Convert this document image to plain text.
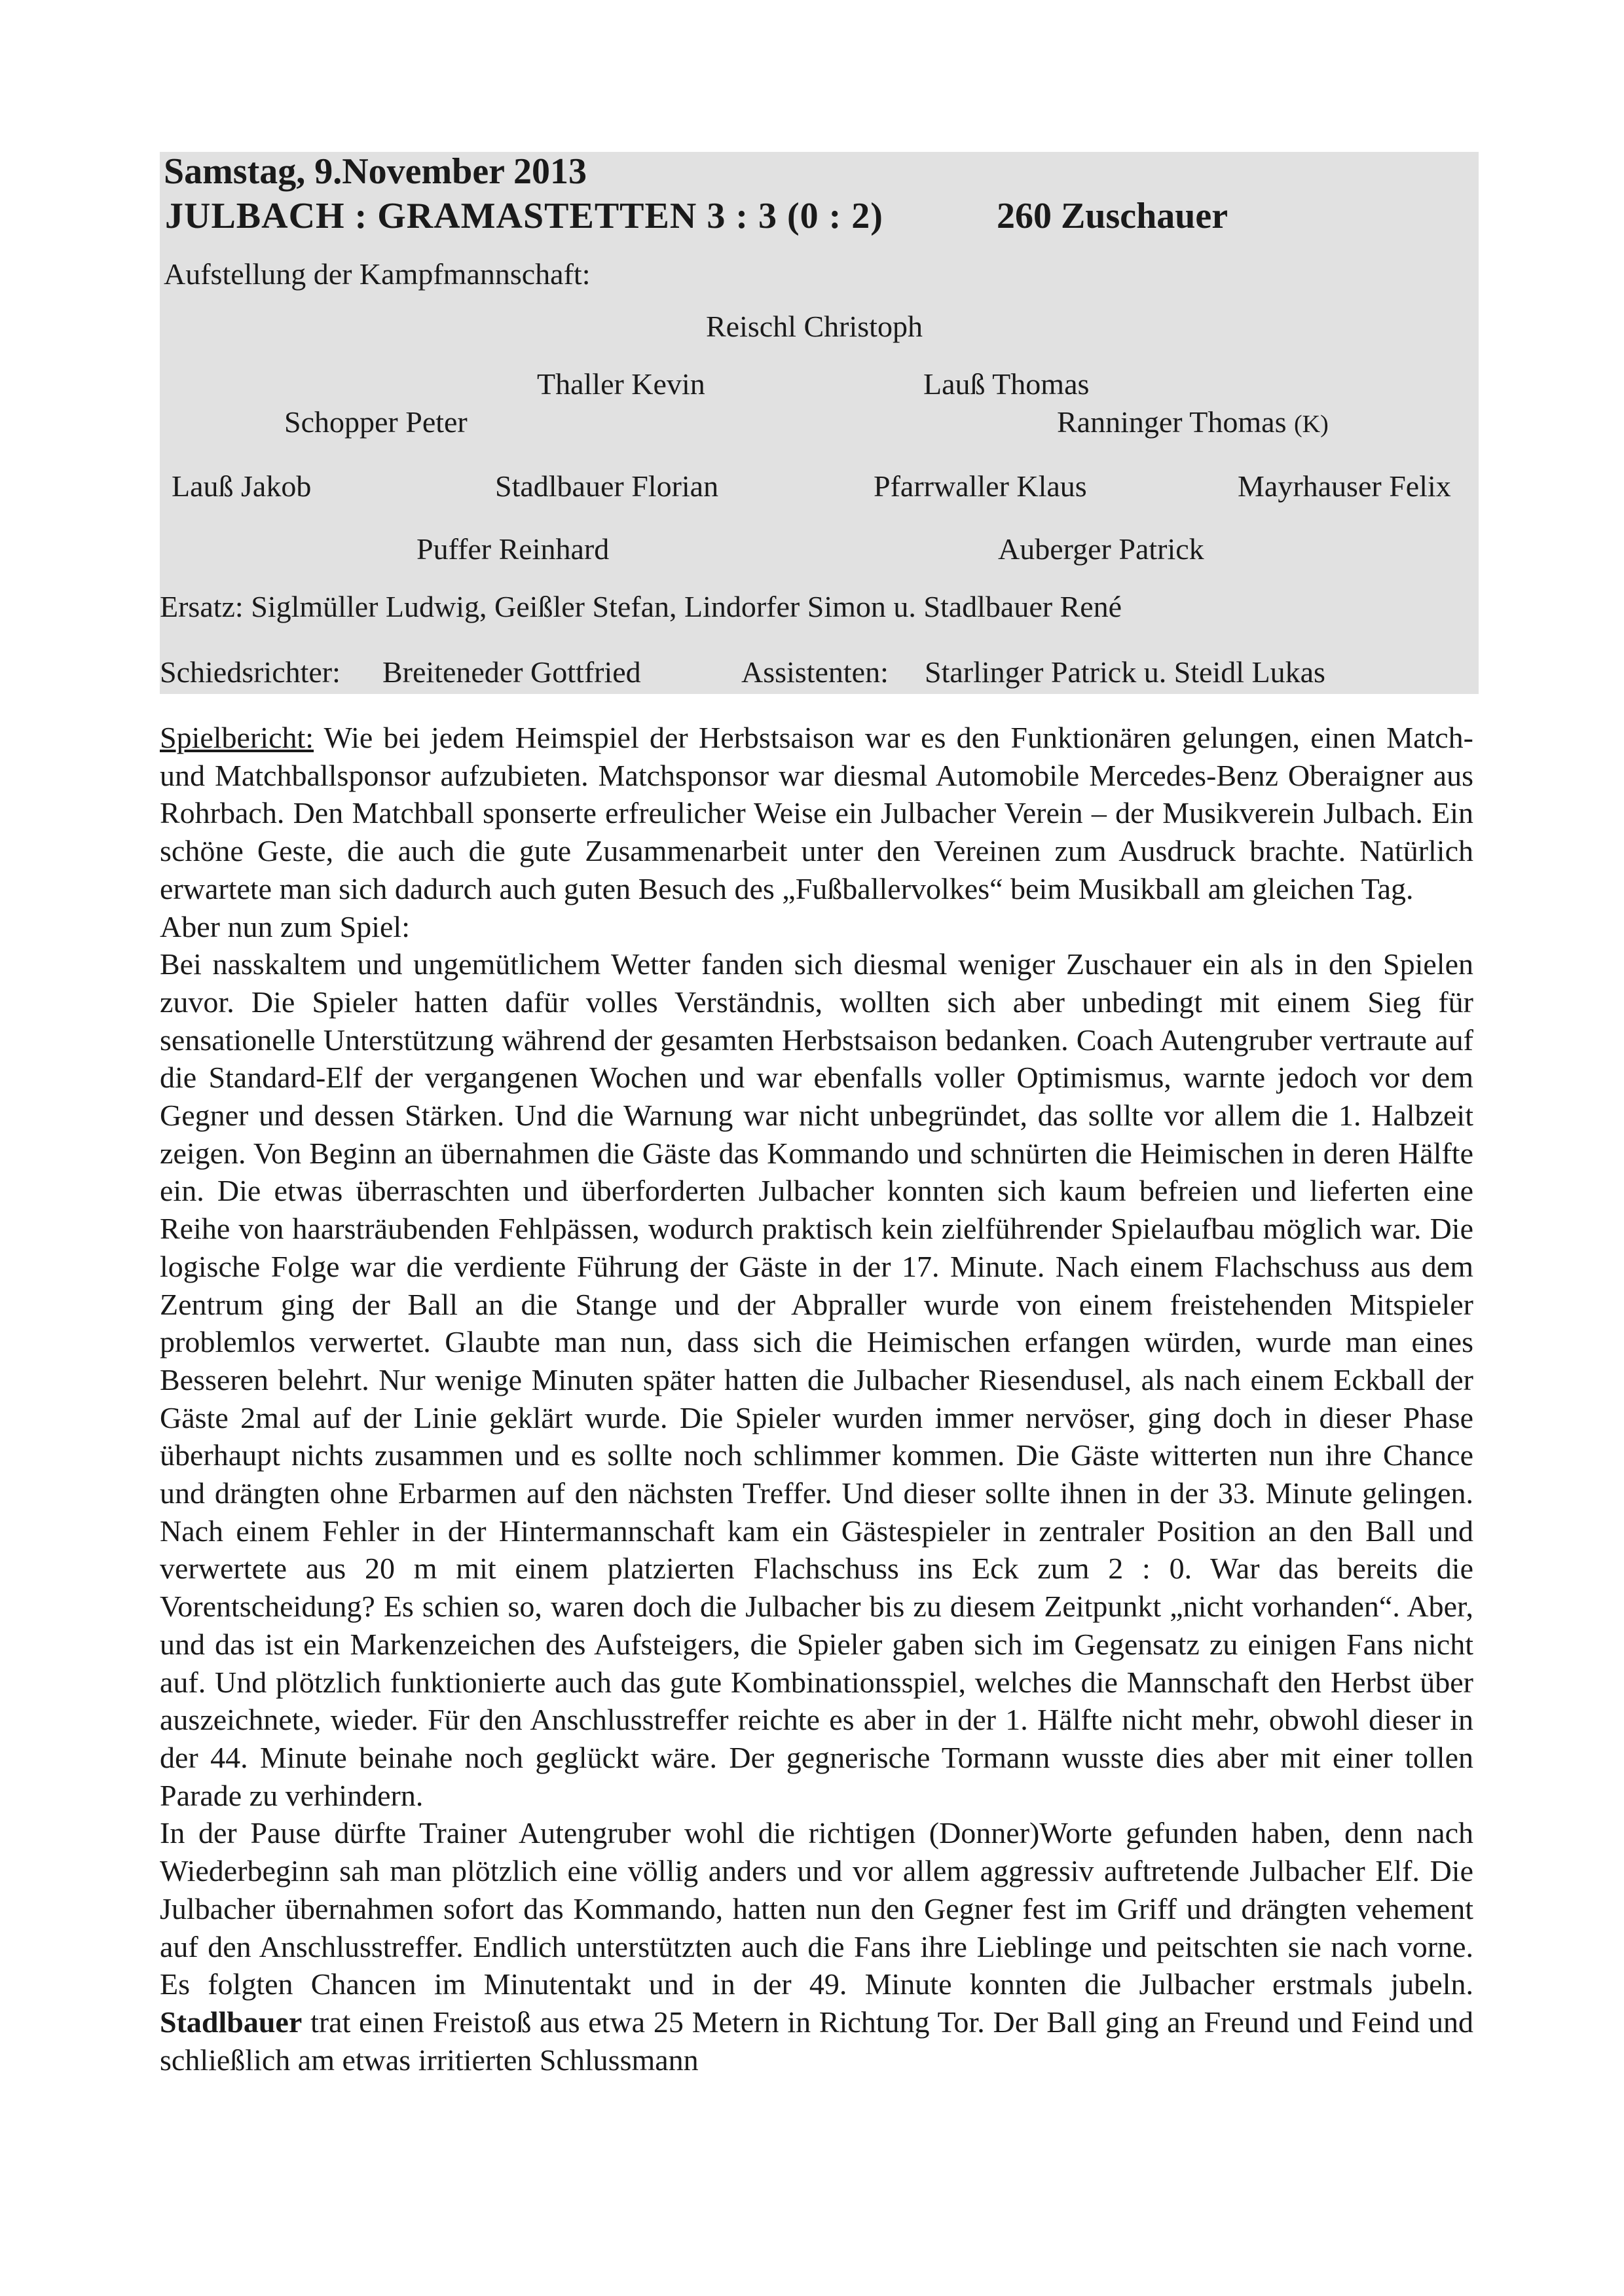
Samstag, 9.November 2013
JULBACH : GRAMASTETTEN 3 : 3 (0 : 2)	260 Zuschauer
Aufstellung der Kampfmannschaft:
Reischl Christoph
Thaller Kevin	Lauß Thomas
Schopper Peter	Ranninger Thomas (K)
Lauß Jakob	Stadlbauer Florian	Pfarrwaller Klaus	Mayrhauser Felix
Puffer Reinhard	Auberger Patrick
Ersatz: Siglmüller Ludwig, Geißler Stefan, Lindorfer Simon u. Stadlbauer René
Schiedsrichter: Breiteneder Gottfried	Assistenten: Starlinger Patrick u. Steidl Lukas

Spielbericht: Wie bei jedem Heimspiel der Herbstsaison war es den Funktionären gelungen, einen Match- und Matchballsponsor aufzubieten. Matchsponsor war diesmal Automobile Mercedes-Benz Oberaigner aus Rohrbach. Den Matchball sponserte erfreulicher Weise ein Julbacher Verein – der Musikverein Julbach. Ein schöne Geste, die auch die gute Zusammenarbeit unter den Vereinen zum Ausdruck brachte. Natürlich erwartete man sich dadurch auch guten Besuch des „Fußballervolkes“ beim Musikball am gleichen Tag.

Aber nun zum Spiel:

Bei nasskaltem und ungemütlichem Wetter fanden sich diesmal weniger Zuschauer ein als in den Spielen zuvor. Die Spieler hatten dafür volles Verständnis, wollten sich aber unbedingt mit einem Sieg für sensationelle Unterstützung während der gesamten Herbstsaison bedanken. Coach Autengruber vertraute auf die Standard-Elf der vergangenen Wochen und war ebenfalls voller Optimismus, warnte jedoch vor dem Gegner und dessen Stärken. Und die Warnung war nicht unbegründet, das sollte vor allem die 1. Halbzeit zeigen. Von Beginn an übernahmen die Gäste das Kommando und schnürten die Heimischen in deren Hälfte ein. Die etwas überraschten und überforderten Julbacher konnten sich kaum befreien und lieferten eine Reihe von haarsträubenden Fehlpässen, wodurch praktisch kein zielführender Spielaufbau möglich war. Die logische Folge war die verdiente Führung der Gäste in der 17. Minute. Nach einem Flachschuss aus dem Zentrum ging der Ball an die Stange und der Abpraller wurde von einem freistehenden Mitspieler problemlos verwertet. Glaubte man nun, dass sich die Heimischen erfangen würden, wurde man eines Besseren belehrt. Nur wenige Minuten später hatten die Julbacher Riesendusel, als nach einem Eckball der Gäste 2mal auf der Linie geklärt wurde. Die Spieler wurden immer nervöser, ging doch in dieser Phase überhaupt nichts zusammen und es sollte noch schlimmer kommen. Die Gäste witterten nun ihre Chance und drängten ohne Erbarmen auf den nächsten Treffer. Und dieser sollte ihnen in der 33. Minute gelingen. Nach einem Fehler in der Hintermannschaft kam ein Gästespieler in zentraler Position an den Ball und verwertete aus 20 m mit einem platzierten Flachschuss ins Eck zum 2 : 0. War das bereits die Vorentscheidung? Es schien so, waren doch die Julbacher bis zu diesem Zeitpunkt „nicht vorhanden“. Aber, und das ist ein Markenzeichen des Aufsteigers, die Spieler gaben sich im Gegensatz zu einigen Fans nicht auf. Und plötzlich funktionierte auch das gute Kombinationsspiel, welches die Mannschaft den Herbst über auszeichnete, wieder. Für den Anschlusstreffer reichte es aber in der 1. Hälfte nicht mehr, obwohl dieser in der 44. Minute beinahe noch geglückt wäre. Der gegnerische Tormann wusste dies aber mit einer tollen Parade zu verhindern.

In der Pause dürfte Trainer Autengruber wohl die richtigen (Donner)Worte gefunden haben, denn nach Wiederbeginn sah man plötzlich eine völlig anders und vor allem aggressiv auftretende Julbacher Elf. Die Julbacher übernahmen sofort das Kommando, hatten nun den Gegner fest im Griff und drängten vehement auf den Anschlusstreffer. Endlich unterstützten auch die Fans ihre Lieblinge und peitschten sie nach vorne. Es folgten Chancen im Minutentakt und in der 49. Minute konnten die Julbacher erstmals jubeln. Stadlbauer trat einen Freistoß aus etwa 25 Metern in Richtung Tor. Der Ball ging an Freund und Feind und schließlich am etwas irritierten Schlussmann
